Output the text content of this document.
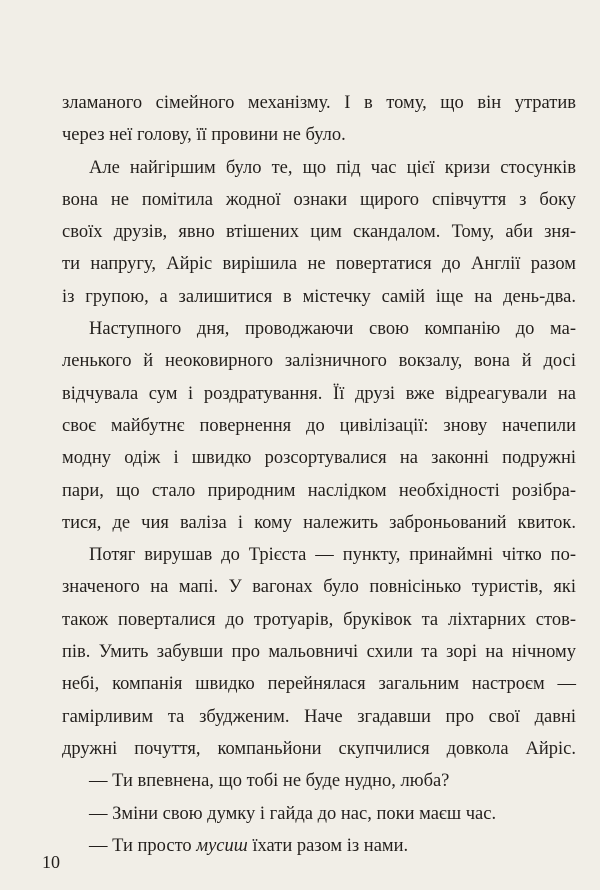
зламаного сімейного механізму. І в тому, що він утратив
через неї голову, її провини не було.
Але найгіршим було те, що під час цієї кризи стосунків
вона не помітила жодної ознаки щирого співчуття з боку
своїх друзів, явно втішених цим скандалом. Тому, аби зня-
ти напругу, Айріс вирішила не повертатися до Англії разом
із групою, а залишитися в містечку самій іще на день-два.
Наступного дня, проводжаючи свою компанію до ма-
ленького й неоковирного залізничного вокзалу, вона й досі
відчувала сум і роздратування. Її друзі вже відреагували на
своє майбутнє повернення до цивілізації: знову начепили
модну одіж і швидко розсортувалися на законні подружні
пари, що стало природним наслідком необхідності розібра-
тися, де чия валіза і кому належить заброньований квиток.
Потяг вирушав до Трієста — пункту, принаймні чітко по-
значеного на мапі. У вагонах було повнісінько туристів, які
також поверталися до тротуарів, бруківок та ліхтарних стов-
пів. Умить забувши про мальовничі схили та зорі на нічному
небі, компанія швидко перейнялася загальним настроєм —
гамірливим та збудженим. Наче згадавши про свої давні
дружні почуття, компаньйони скупчилися довкола Айріс.
— Ти впевнена, що тобі не буде нудно, люба?
— Зміни свою думку і гайда до нас, поки маєш час.
— Ти просто мусиш їхати разом із нами.
10
